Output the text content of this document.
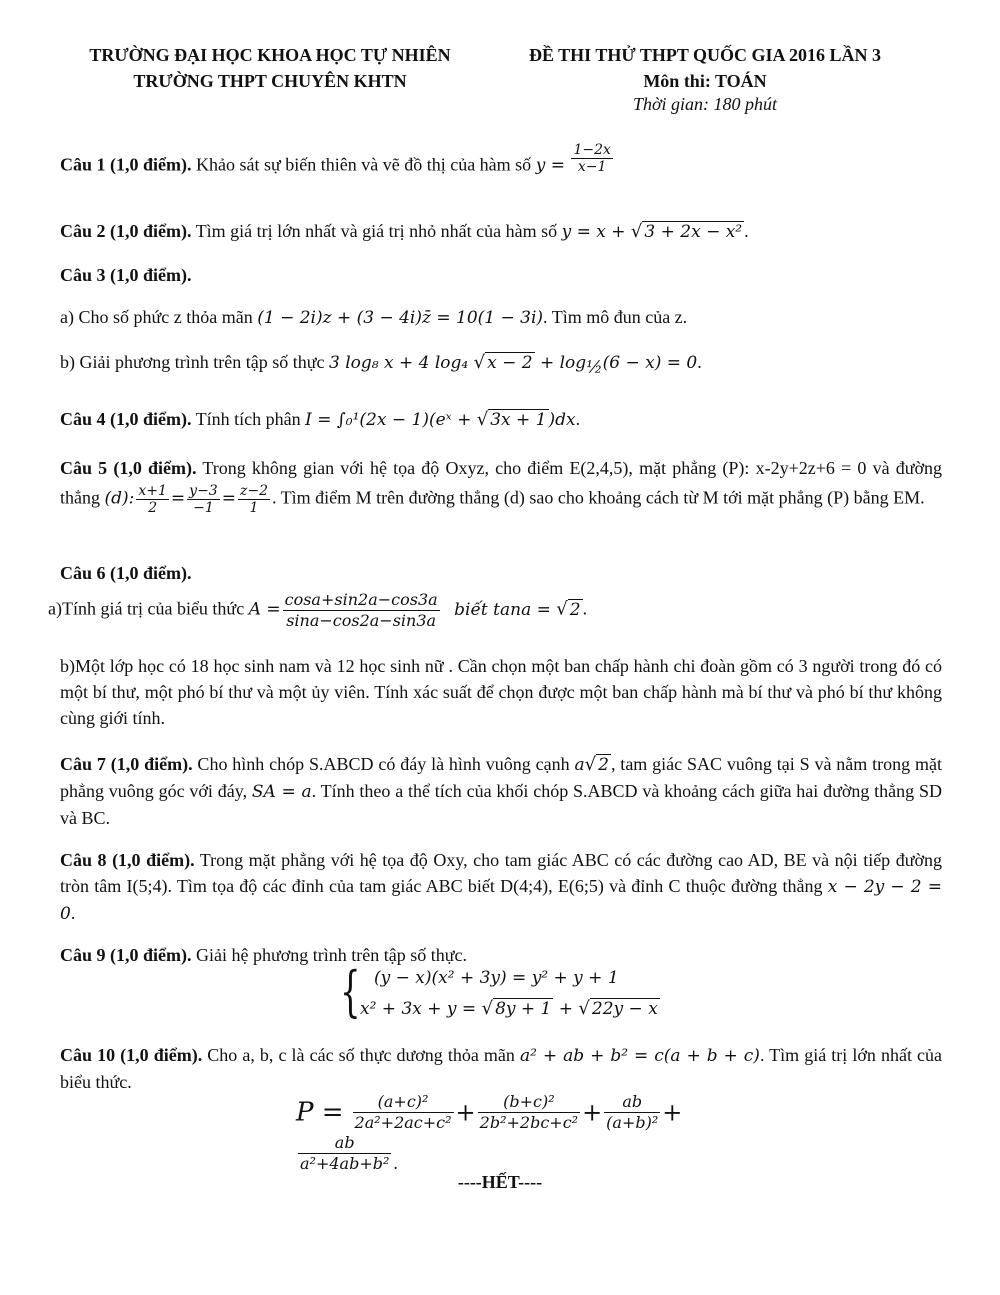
TRƯỜNG ĐẠI HỌC KHOA HỌC TỰ NHIÊN
TRƯỜNG THPT CHUYÊN KHTN
ĐỀ THI THỬ THPT QUỐC GIA 2016 LẦN 3
Môn thi: TOÁN
Thời gian: 180 phút
Câu 1 (1,0 điểm). Khảo sát sự biến thiên và vẽ đồ thị của hàm số $y = \frac{1-2x}{x-1}$
Câu 2 (1,0 điểm). Tìm giá trị lớn nhất và giá trị nhỏ nhất của hàm số y = x + √ 3 + 2x − x² .
Câu 3 (1,0 điểm).
a) Cho số phức z thỏa mãn (1 − 2i)z + (3 − 4i)z̄ = 10(1 − 3i). Tìm mô đun của z.
b) Giải phương trình trên tập số thực 3 log₈ x + 4 log₄ √ $x - 2 + \log_{\frac{1}{2}}(6 - x) = 0$.
Câu 4 (1,0 điểm). Tính tích phân I = ∫₀¹(2x − 1)(eˣ + √ 3x + 1 )dx.
Câu 5 (1,0 điểm). Trong không gian với hệ tọa độ Oxyz, cho điểm E(2,4,5), mặt phẳng (P): x-2y+2z+6 = 0 và đường thẳng (d): $\frac{x+1}{2} = \frac{y-3}{-1} = \frac{z-2}{1}$ . Tìm điểm M trên đường thẳng (d) sao cho khoảng cách từ M tới mặt phẳng (P) bằng EM.
Câu 6 (1,0 điểm).
a)Tính giá trị của biểu thức $A = \frac{\cos a+\sin 2a-\cos 3a}{\sin a-\cos 2a-\sin 3a}$ biết tana = √ 2 .
b)Một lớp học có 18 học sinh nam và 12 học sinh nữ . Cần chọn một ban chấp hành chi đoàn gồm có 3 người trong đó có một bí thư, một phó bí thư và một ủy viên. Tính xác suất để chọn được một ban chấp hành mà bí thư và phó bí thư không cùng giới tính.
Câu 7 (1,0 điểm). Cho hình chóp S.ABCD có đáy là hình vuông cạnh a√ 2 , tam giác SAC vuông tại S và nằm trong mặt phẳng vuông góc với đáy, SA = a. Tính theo a thể tích của khối chóp S.ABCD và khoảng cách giữa hai đường thẳng SD và BC.
Câu 8 (1,0 điểm). Trong mặt phẳng với hệ tọa độ Oxy, cho tam giác ABC có các đường cao AD, BE và nội tiếp đường tròn tâm I(5;4). Tìm tọa độ các đỉnh của tam giác ABC biết D(4;4), E(6;5) và đỉnh C thuộc đường thẳng x − 2y − 2 = 0.
Câu 9 (1,0 điểm). Giải hệ phương trình trên tập số thực.
{ (y − x)(x² + 3y) = y² + y + 1
x² + 3x + y = √ 8y + 1 + √ 22y − x
Câu 10 (1,0 điểm). Cho a, b, c là các số thực dương thỏa mãn a² + ab + b² = c(a + b + c). Tìm giá trị lớn nhất của biểu thức.
$P = \frac{\text{(a+c)²}}{\text{2a²+2ac+c²}} + \frac{\text{(b+c)²}}{\text{2b²+2bc+c²}} + \frac{ab}{\text{(a+b)²}}$ +
$\frac{ab}{\text{a²+4ab+b²}}$ .
----HẾT----
